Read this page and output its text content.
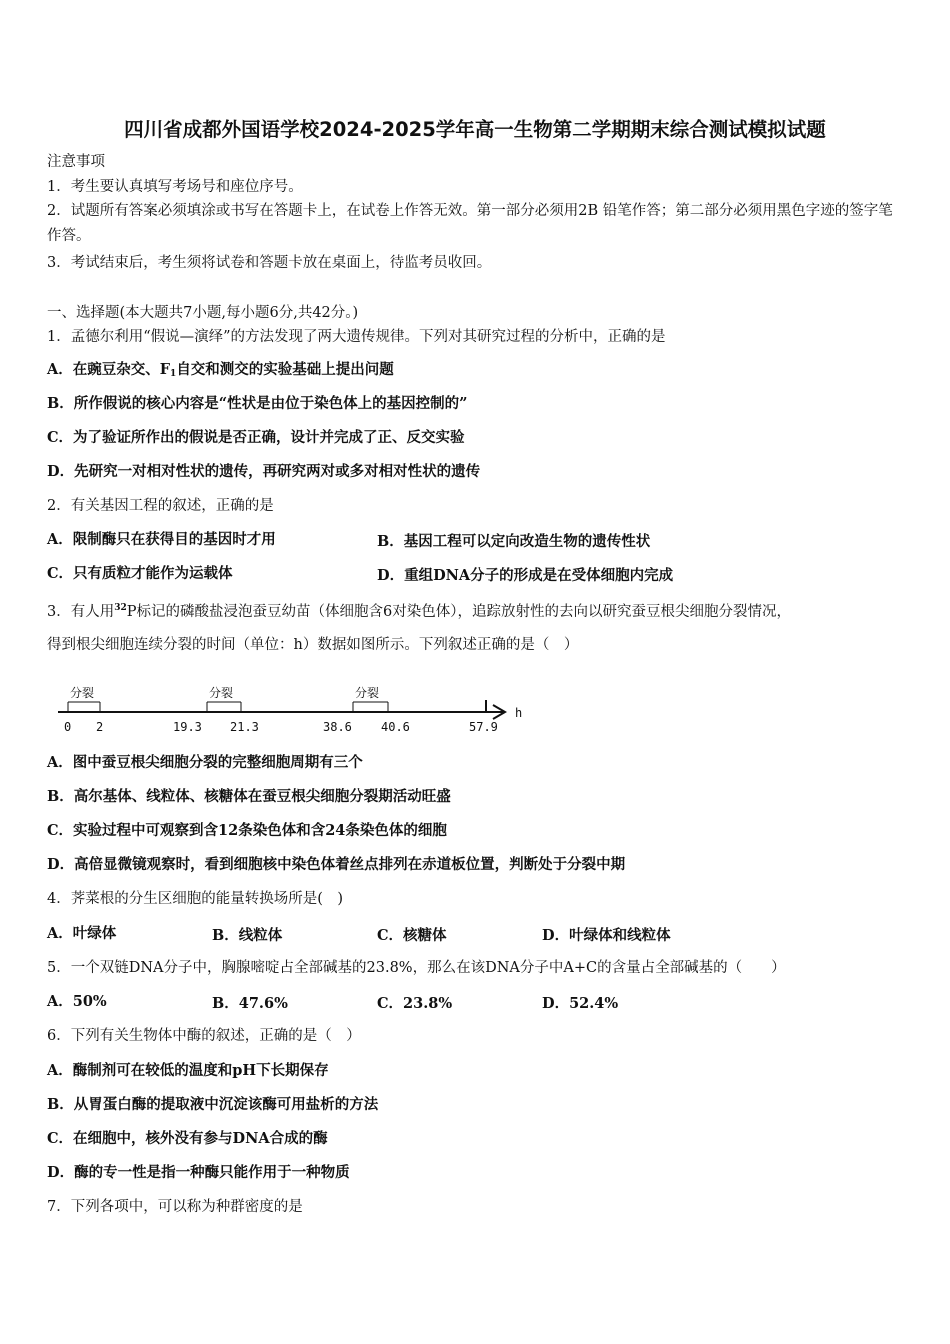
四川省成都外国语学校2024-2025学年高一生物第二学期期末综合测试模拟试题
注意事项
1．考生要认真填写考场号和座位序号。
2．试题所有答案必须填涂或书写在答题卡上，在试卷上作答无效。第一部分必须用2B 铅笔作答；第二部分必须用黑色字迹的签字笔作答。
3．考试结束后，考生须将试卷和答题卡放在桌面上，待监考员收回。
一、选择题(本大题共7小题,每小题6分,共42分。)
1．孟德尔利用“假说—演绎”的方法发现了两大遗传规律。下列对其研究过程的分析中，正确的是
A．在豌豆杂交、$F_1$自交和测交的实验基础上提出问题
B．所作假说的核心内容是“性状是由位于染色体上的基因控制的”
C．为了验证所作出的假说是否正确，设计并完成了正、反交实验
D．先研究一对相对性状的遗传，再研究两对或多对相对性状的遗传
2．有关基因工程的叙述，正确的是
A．限制酶只在获得目的基因时才用	B．基因工程可以定向改造生物的遗传性状
C．只有质粒才能作为运载体	D．重组DNA分子的形成是在受体细胞内完成
3．有人用$^{32}$P标记的磷酸盐浸泡蚕豆幼苗（体细胞含6对染色体），追踪放射性的去向以研究蚕豆根尖细胞分裂情况，
得到根尖细胞连续分裂的时间（单位：h）数据如图所示。下列叙述正确的是（　）
h
分裂	分裂	分裂
0 2	19.3 21.3	38.6 40.6	57.9
A．图中蚕豆根尖细胞分裂的完整细胞周期有三个
B．高尔基体、线粒体、核糖体在蚕豆根尖细胞分裂期活动旺盛
C．实验过程中可观察到含12条染色体和含24条染色体的细胞
D．高倍显微镜观察时，看到细胞核中染色体着丝点排列在赤道板位置，判断处于分裂中期
4．荠菜根的分生区细胞的能量转换场所是(　)
A．叶绿体	B．线粒体	C．核糖体	D．叶绿体和线粒体
5．一个双链DNA分子中，胸腺嘧啶占全部碱基的23.8%，那么在该DNA分子中A+C的含量占全部碱基的（　　）
A．50%	B．47.6%	C．23.8%	D．52.4%
6．下列有关生物体中酶的叙述，正确的是（　）
A．酶制剂可在较低的温度和pH下长期保存
B．从胃蛋白酶的提取液中沉淀该酶可用盐析的方法
C．在细胞中，核外没有参与DNA合成的酶
D．酶的专一性是指一种酶只能作用于一种物质
7．下列各项中，可以称为种群密度的是
